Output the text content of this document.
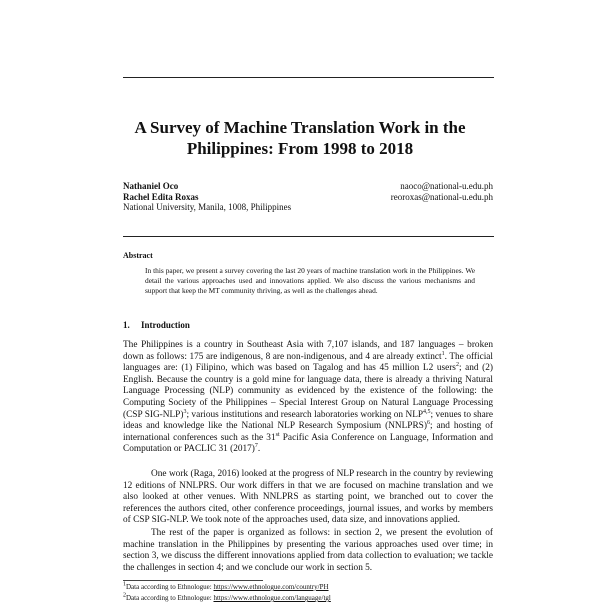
A Survey of Machine Translation Work in the Philippines: From 1998 to 2018
Nathaniel Oco	naoco@national-u.edu.ph
Rachel Edita Roxas	reoroxas@national-u.edu.ph
National University, Manila, 1008, Philippines
Abstract
In this paper, we present a survey covering the last 20 years of machine translation work in the Philippines. We detail the various approaches used and innovations applied. We also discuss the various mechanisms and support that keep the MT community thriving, as well as the challenges ahead.
1. Introduction
The Philippines is a country in Southeast Asia with 7,107 islands, and 187 languages – broken down as follows: 175 are indigenous, 8 are non-indigenous, and 4 are already extinct$^1$. The official languages are: (1) Filipino, which was based on Tagalog and has 45 million L2 users$^2$; and (2) English. Because the country is a gold mine for language data, there is already a thriving Natural Language Processing (NLP) community as evidenced by the existence of the following: the Computing Society of the Philippines – Special Interest Group on Natural Language Processing (CSP SIG-NLP)$^3$; various institutions and research laboratories working on NLP$^{4,5}$; venues to share ideas and knowledge like the National NLP Research Symposium (NNLPRS)$^6$; and hosting of international conferences such as the 31st Pacific Asia Conference on Language, Information and Computation or PACLIC 31 $(2017)^7$.
One work (Raga, 2016) looked at the progress of NLP research in the country by reviewing 12 editions of NNLPRS. Our work differs in that we are focused on machine translation and we also looked at other venues. With NNLPRS as starting point, we branched out to cover the references the authors cited, other conference proceedings, journal issues, and works by members of CSP SIG-NLP. We took note of the approaches used, data size, and innovations applied.
The rest of the paper is organized as follows: in section 2, we present the evolution of machine translation in the Philippines by presenting the various approaches used over time; in section 3, we discuss the different innovations applied from data collection to evaluation; we tackle the challenges in section 4; and we conclude our work in section 5.
$^1$Data according to Ethnologue: https://www.ethnologue.com/country/PH
$^2$Data according to Ethnologue: https://www.ethnologue.com/language/tgl
